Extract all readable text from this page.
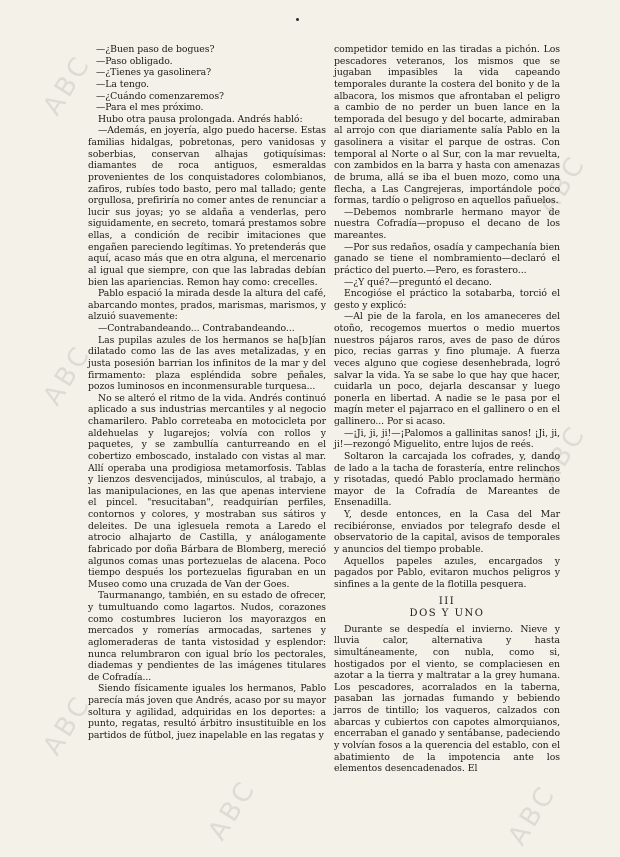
ABC
ABC
ABC
ABC
ABC
ABC	ABC

—¿Buen paso de bogues?

—Paso obligado.

—¿Tienes ya gasolinera?

—La tengo.

—¿Cuándo comenzaremos?

—Para el mes próximo.

Hubo otra pausa prolongada. Andrés habló:

—Además, en joyería, algo puedo hacerse. Estas familias hidalgas, pobretonas, pero vanidosas y soberbias, conservan alhajas gotiquísimas: diamantes de roca antiguos, esmeraldas provenientes de los conquistadores colombianos, zafiros, rubíes todo basto, pero mal tallado; gente orgullosa, prefiriría no comer antes de renunciar a lucir sus joyas; yo se aldaña a venderlas, pero siguidamente, en secreto, tomará prestamos sobre ellas, a condición de recibir imitaciones que engañen pareciendo legítimas. Yo pretenderás que aquí, acaso más que en otra alguna, el mercenario al igual que siempre, con que las labradas debían bien las apariencias. Remon hay como: crecelles.

Pablo espació la mirada desde la altura del café, abarcando montes, prados, marismas, marismos, y alzuió suavemente:

—Contrabandeando... Contrabandeando...

Las pupilas azules de los hermanos se ha[b]ían dilatado como las de las aves metalizadas, y en justa posesión barrian los infinitos de la mar y del firmamento: plaza espléndida sobre peñales, pozos luminosos en inconmensurable turquesa...

No se alteró el ritmo de la vida. Andrés continuó aplicado a sus industrias mercantiles y al negocio chamarilero. Pablo correteaba en motocicleta por aldehuelas y lugarejos; volvía con rollos y paquetes, y se zambullía canturreando en el cobertizo emboscado, instalado con vistas al mar. Allí operaba una prodigiosa metamorfosis. Tablas y lienzos desvencijados, minúsculos, al trabajo, a las manipulaciones, en las que apenas interviene el pincel. "resucitaban", readquirían perfiles, contornos y colores, y mostraban sus sátiros y deleites. De una iglesuela remota a Laredo el atrocio alhajarto de Castilla, y análogamente fabricado por doña Bárbara de Blomberg, mereció algunos comas unas portezuelas de alacena. Poco tiempo después los portezuelas figuraban en un Museo como una cruzada de Van der Goes.

Taurmanango, también, en su estado de ofrecer, y tumultuando como lagartos. Nudos, corazones como costumbres lucieron los mayorazgos en mercados y romerías armocadas, sartenes y aglomeraderas de tanta vistosidad y esplendor: nunca relumbraron con igual brío los pectorales, diademas y pendientes de las imágenes titulares de Cofradía...

Siendo físicamente iguales los hermanos, Pablo parecía más joven que Andrés, acaso por su mayor soltura y agilidad, adquiridas en los deportes: a punto, regatas, resultó árbitro insustituible en los partidos de fútbol, juez inapelable en las regatas y

competidor temido en las tiradas a pichón. Los pescadores veteranos, los mismos que se jugaban impasibles la vida capeando temporales durante la costera del bonito y de la albacora, los mismos que afrontaban el peligro a cambio de no perder un buen lance en la temporada del besugo y del bocarte, admiraban al arrojo con que diariamente salía Pablo en la gasolinera a visitar el parque de ostras. Con temporal al Norte o al Sur, con la mar revuelta, con zambidos en la barra y hasta con amenazas de bruma, allá se iba el buen mozo, como una flecha, a Las Cangrejeras, importándole poco formas, tardío o peligroso en aquellos pañuelos.

—Debemos nombrarle hermano mayor de nuestra Cofradía—propuso el decano de los mareantes.

—Por sus redaños, osadía y campechanía bien ganado se tiene el nombramiento—declaró el práctico del puerto.—Pero, es forastero...

—¿Y qué?—preguntó el decano.

Encogióse el práctico la sotabarba, torció el gesto y explicó:

—Al pie de la farola, en los amaneceres del otoño, recogemos muertos o medio muertos nuestros pájaros raros, aves de paso de dúros pico, recias garras y fino plumaje. A fuerza veces alguno que cogiese desenhebrada, logró salvar la vida. Ya se sabe lo que hay que hacer, cuidarla un poco, dejarla descansar y luego ponerla en libertad. A nadie se le pasa por el magín meter el pajarraco en el gallinero o en el gallinero... Por si acaso.

—¡Ji, ji, ji!—¡Palomos a gallinitas sanos! ¡Ji, ji, ji!—rezongó Miguelito, entre lujos de reés.

Soltaron la carcajada los cofrades, y, dando de lado a la tacha de forastería, entre relinchos y risotadas, quedó Pablo proclamado hermano mayor de la Cofradía de Mareantes de Ensenadilla.

Y, desde entonces, en la Casa del Mar recibiéronse, enviados por telegrafo desde el observatorio de la capital, avisos de temporales y anuncios del tiempo probable.

Aquellos papeles azules, encargados y pagados por Pablo, evitaron muchos peligros y sinfines a la gente de la flotilla pesquera.

III
DOS Y UNO

Durante se despedía el invierno. Nieve y lluvia calor, alternativa y hasta simultáneamente, con nubla, como si, hostigados por el viento, se complaciesen en azotar a la tierra y maltratar a la grey humana. Los pescadores, acorralados en la taberna, pasaban las jornadas fumando y bebiendo jarros de tintillo; los vaqueros, calzados con abarcas y cubiertos con capotes almorquianos, encerraban el ganado y sentábanse, padeciendo y volvían fosos a la querencia del establo, con el abatimiento de la impotencia ante los elementos desencadenados. El
